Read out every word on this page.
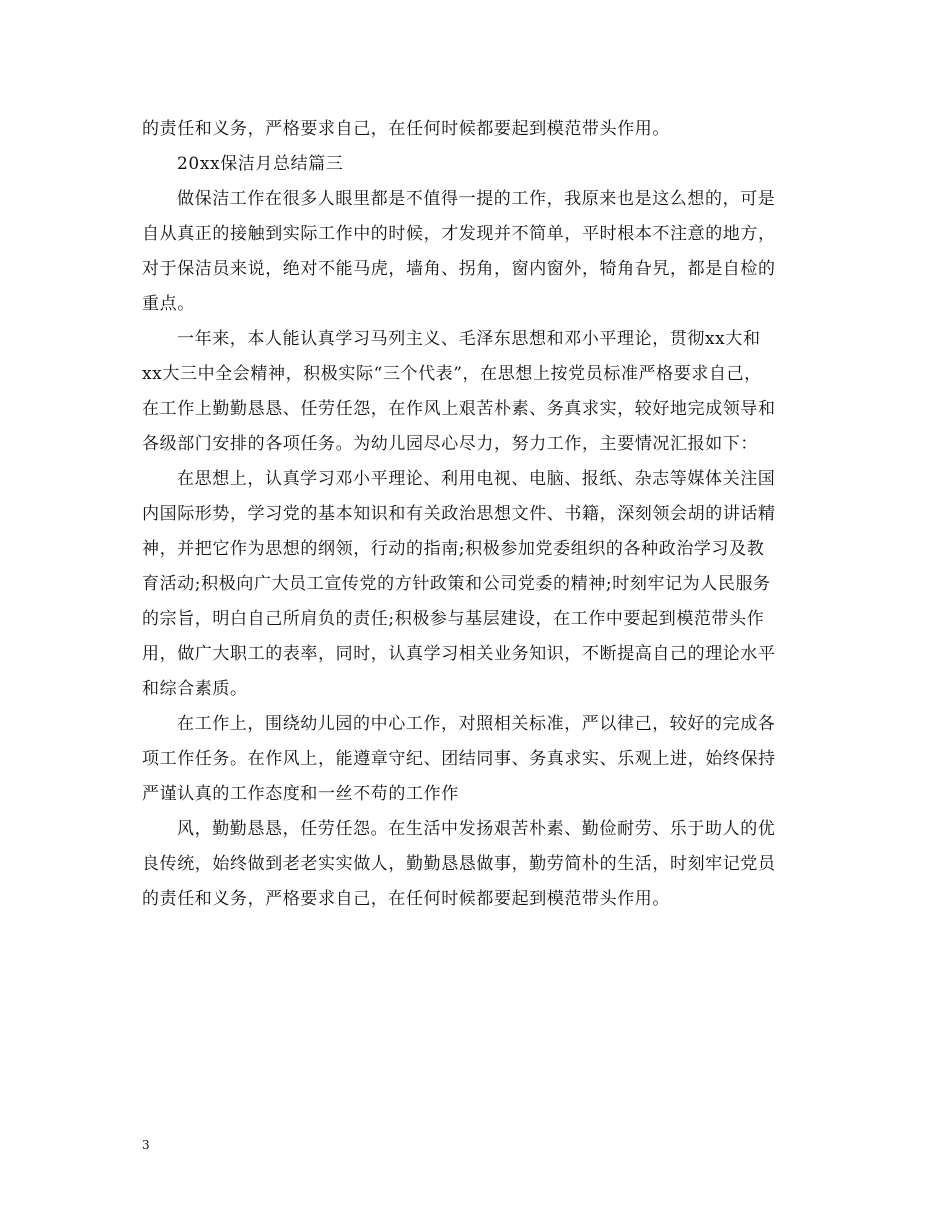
的责任和义务，严格要求自己，在任何时候都要起到模范带头作用。
20xx保洁月总结篇三
做保洁工作在很多人眼里都是不值得一提的工作，我原来也是这么想的，可是
自从真正的接触到实际工作中的时候，才发现并不简单，平时根本不注意的地方，
对于保洁员来说，绝对不能马虎，墙角、拐角，窗内窗外，犄角旮旯，都是自检的
重点。
一年来，本人能认真学习马列主义、毛泽东思想和邓小平理论，贯彻xx大和
xx大三中全会精神，积极实际“三个代表”，在思想上按党员标准严格要求自己，
在工作上勤勤恳恳、任劳任怨，在作风上艰苦朴素、务真求实，较好地完成领导和
各级部门安排的各项任务。为幼儿园尽心尽力，努力工作，主要情况汇报如下：
在思想上，认真学习邓小平理论、利用电视、电脑、报纸、杂志等媒体关注国
内国际形势，学习党的基本知识和有关政治思想文件、书籍，深刻领会胡的讲话精
神，并把它作为思想的纲领，行动的指南;积极参加党委组织的各种政治学习及教
育活动;积极向广大员工宣传党的方针政策和公司党委的精神;时刻牢记为人民服务
的宗旨，明白自己所肩负的责任;积极参与基层建设，在工作中要起到模范带头作
用，做广大职工的表率，同时，认真学习相关业务知识，不断提高自己的理论水平
和综合素质。
在工作上，围绕幼儿园的中心工作，对照相关标准，严以律己，较好的完成各
项工作任务。在作风上，能遵章守纪、团结同事、务真求实、乐观上进，始终保持
严谨认真的工作态度和一丝不苟的工作作
风，勤勤恳恳，任劳任怨。在生活中发扬艰苦朴素、勤俭耐劳、乐于助人的优
良传统，始终做到老老实实做人，勤勤恳恳做事，勤劳简朴的生活，时刻牢记党员
的责任和义务，严格要求自己，在任何时候都要起到模范带头作用。
3
